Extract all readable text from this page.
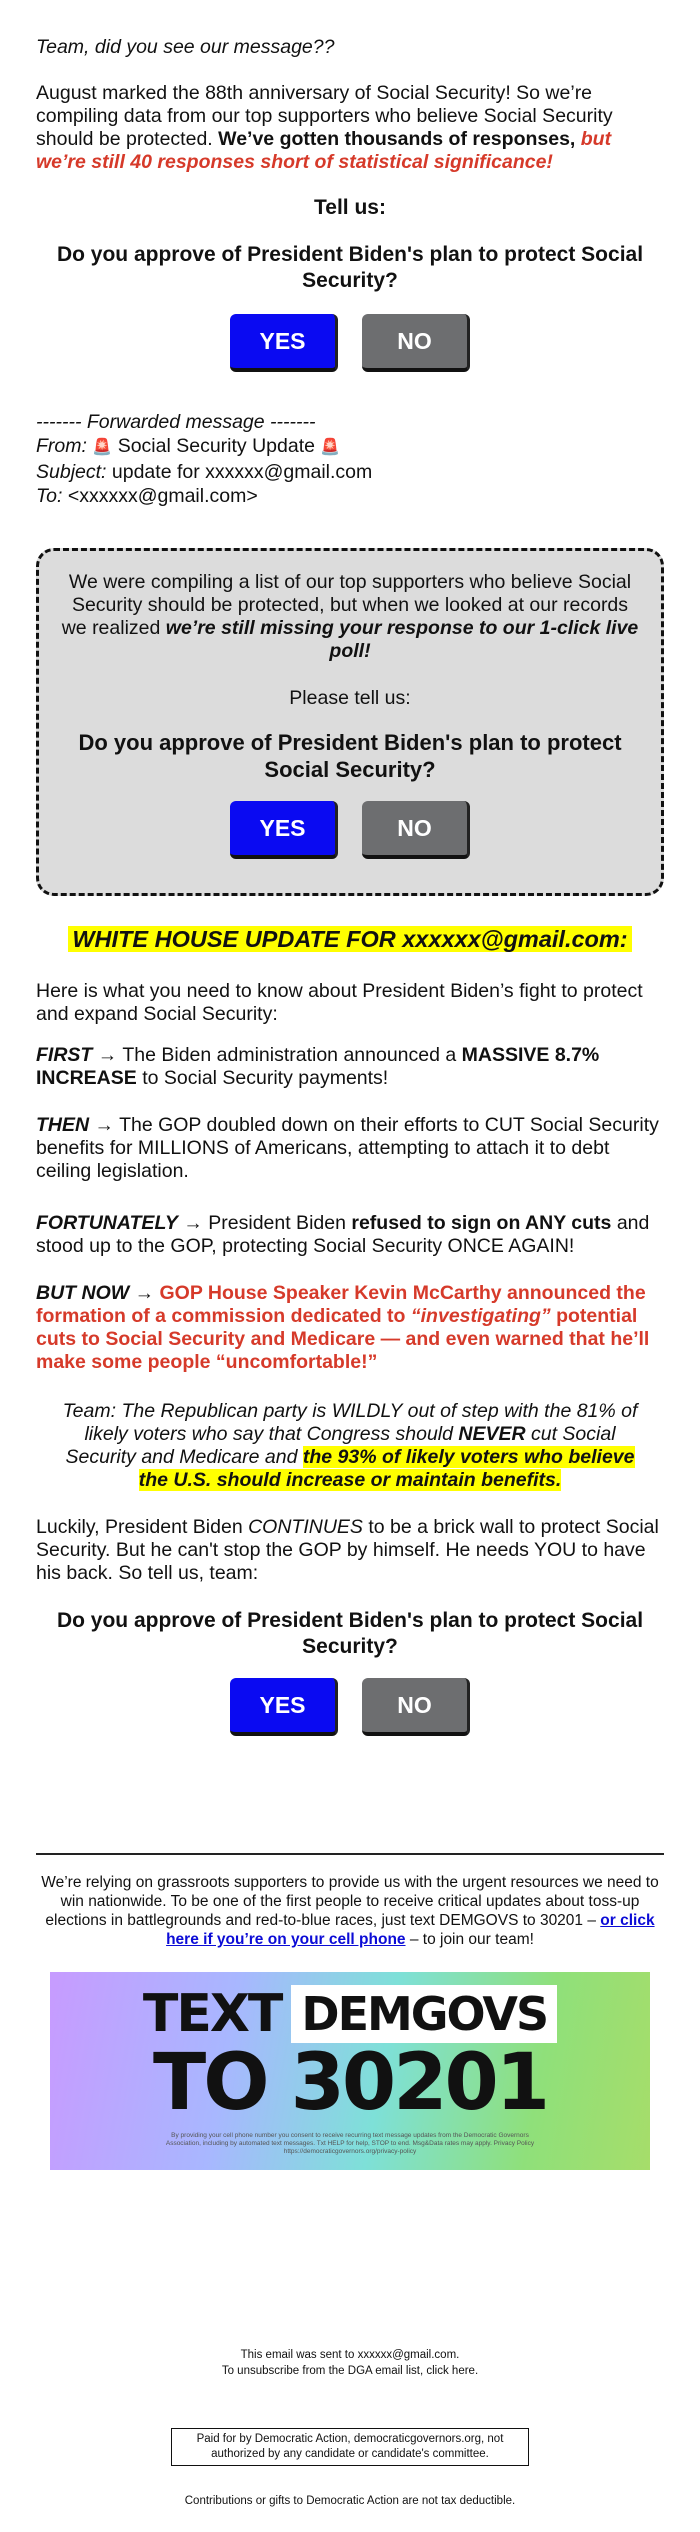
Team, did you see our message??

August marked the 88th anniversary of Social Security! So we’re compiling data from our top supporters who believe Social Security should be protected. We’ve gotten thousands of responses, but we’re still 40 responses short of statistical significance!

Tell us:

Do you approve of President Biden's plan to protect Social Security?

YES	NO

------- Forwarded message -------

From: 🚨 Social Security Update 🚨

Subject: update for xxxxxx@gmail.com

To: <xxxxxx@gmail.com>

We were compiling a list of our top supporters who believe Social Security should be protected, but when we looked at our records we realized we’re still missing your response to our 1-click live poll!

Please tell us:

Do you approve of President Biden's plan to protect Social Security?

YES	NO

WHITE HOUSE UPDATE FOR xxxxxx@gmail.com:

Here is what you need to know about President Biden’s fight to protect and expand Social Security:

FIRST → The Biden administration announced a MASSIVE 8.7% INCREASE to Social Security payments!

THEN → The GOP doubled down on their efforts to CUT Social Security benefits for MILLIONS of Americans, attempting to attach it to debt ceiling legislation.

FORTUNATELY → President Biden refused to sign on ANY cuts and stood up to the GOP, protecting Social Security ONCE AGAIN!

BUT NOW → GOP House Speaker Kevin McCarthy announced the formation of a commission dedicated to “investigating” potential cuts to Social Security and Medicare — and even warned that he’ll make some people “uncomfortable!”

Team: The Republican party is WILDLY out of step with the 81% of likely voters who say that Congress should NEVER cut Social Security and Medicare and the 93% of likely voters who believe the U.S. should increase or maintain benefits.

Luckily, President Biden CONTINUES to be a brick wall to protect Social Security. But he can't stop the GOP by himself. He needs YOU to have his back. So tell us, team:

Do you approve of President Biden's plan to protect Social Security?

YES	NO

We’re relying on grassroots supporters to provide us with the urgent resources we need to win nationwide. To be one of the first people to receive critical updates about toss-up elections in battlegrounds and red-to-blue races, just text DEMGOVS to 30201 – or click here if you’re on your cell phone – to join our team!

TEXT DEMGOVS
TO 30201
By providing your cell phone number you consent to receive recurring text message updates from the Democratic Governors Association, including by automated text messages. Txt HELP for help, STOP to end. Msg&Data rates may apply. Privacy Policy https://democraticgovernors.org/privacy-policy

This email was sent to xxxxxx@gmail.com.

To unsubscribe from the DGA email list, click here.

Paid for by Democratic Action, democraticgovernors.org, not authorized by any candidate or candidate's committee.

Contributions or gifts to Democratic Action are not tax deductible.
